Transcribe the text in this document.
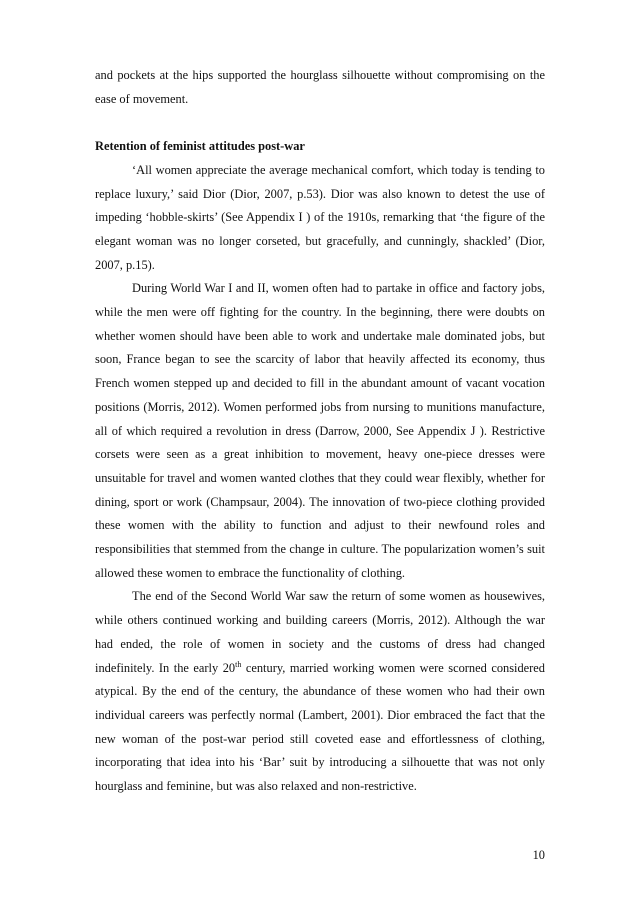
and pockets at the hips supported the hourglass silhouette without compromising on the ease of movement.

Retention of feminist attitudes post-war

‘All women appreciate the average mechanical comfort, which today is tending to replace luxury,’ said Dior (Dior, 2007, p.53). Dior was also known to detest the use of impeding ‘hobble-skirts’ (See Appendix I ) of the 1910s, remarking that ‘the figure of the elegant woman was no longer corseted, but gracefully, and cunningly, shackled’ (Dior, 2007, p.15).

During World War I and II, women often had to partake in office and factory jobs, while the men were off fighting for the country. In the beginning, there were doubts on whether women should have been able to work and undertake male dominated jobs, but soon, France began to see the scarcity of labor that heavily affected its economy, thus French women stepped up and decided to fill in the abundant amount of vacant vocation positions (Morris, 2012). Women performed jobs from nursing to munitions manufacture, all of which required a revolution in dress (Darrow, 2000, See Appendix J ). Restrictive corsets were seen as a great inhibition to movement, heavy one-piece dresses were unsuitable for travel and women wanted clothes that they could wear flexibly, whether for dining, sport or work (Champsaur, 2004). The innovation of two-piece clothing provided these women with the ability to function and adjust to their newfound roles and responsibilities that stemmed from the change in culture. The popularization women’s suit allowed these women to embrace the functionality of clothing.

The end of the Second World War saw the return of some women as housewives, while others continued working and building careers (Morris, 2012). Although the war had ended, the role of women in society and the customs of dress had changed indefinitely. In the early 20th century, married working women were scorned considered atypical. By the end of the century, the abundance of these women who had their own individual careers was perfectly normal (Lambert, 2001). Dior embraced the fact that the new woman of the post-war period still coveted ease and effortlessness of clothing, incorporating that idea into his ‘Bar’ suit by introducing a silhouette that was not only hourglass and feminine, but was also relaxed and non-restrictive.

10
